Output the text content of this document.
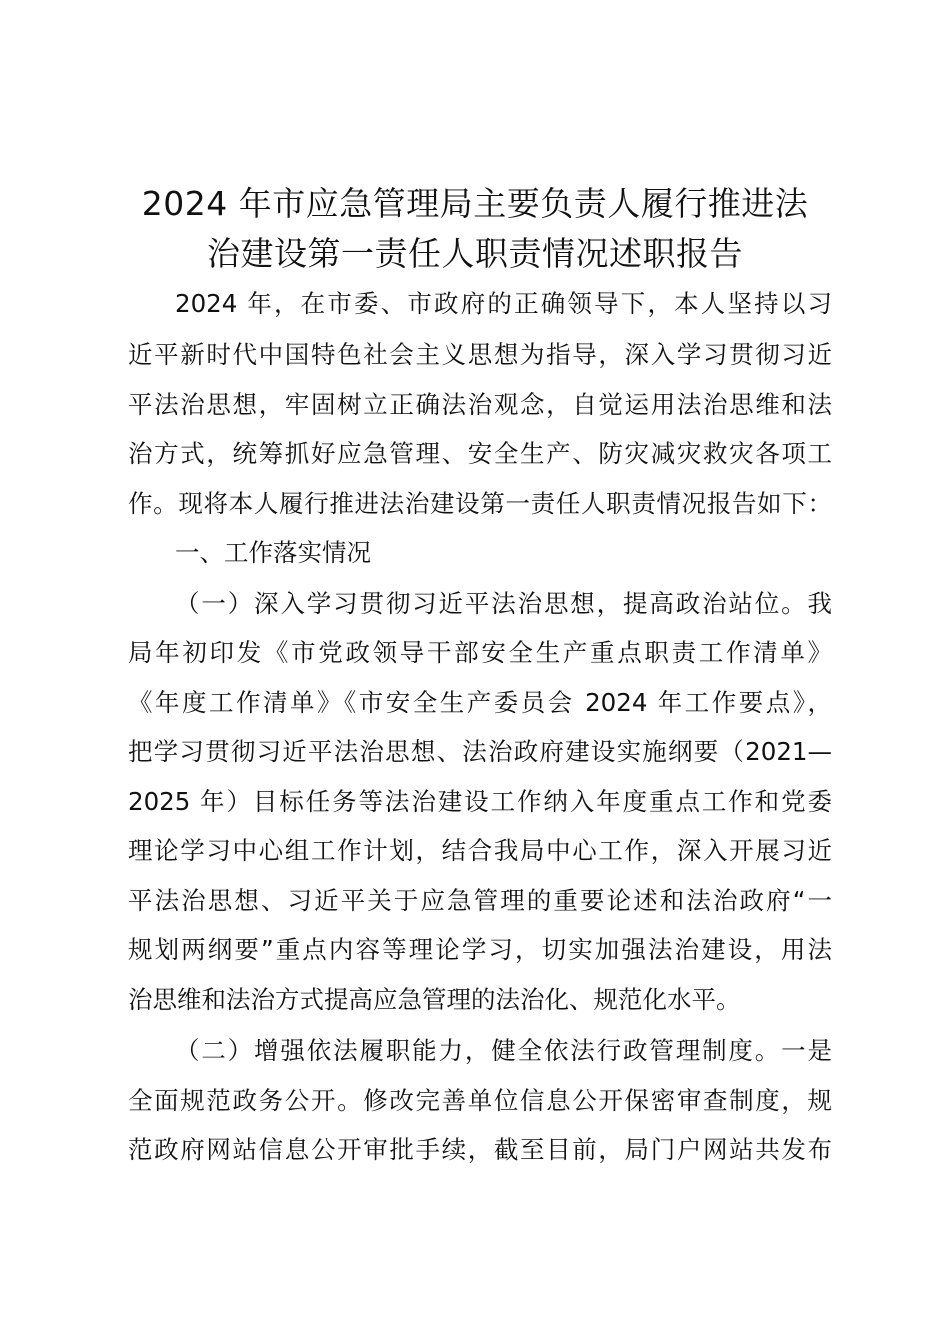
2024 年市应急管理局主要负责人履行推进法
治建设第一责任人职责情况述职报告
2024 年，在市委、市政府的正确领导下，本人坚持以习
近平新时代中国特色社会主义思想为指导，深入学习贯彻习近
平法治思想，牢固树立正确法治观念，自觉运用法治思维和法
治方式，统筹抓好应急管理、安全生产、防灾减灾救灾各项工
作。现将本人履行推进法治建设第一责任人职责情况报告如下：
一、工作落实情况
（一）深入学习贯彻习近平法治思想，提高政治站位。我
局年初印发《市党政领导干部安全生产重点职责工作清单》
《年度工作清单》《市安全生产委员会 2024 年工作要点》，
把学习贯彻习近平法治思想、法治政府建设实施纲要（2021—
2025 年）目标任务等法治建设工作纳入年度重点工作和党委
理论学习中心组工作计划，结合我局中心工作，深入开展习近
平法治思想、习近平关于应急管理的重要论述和法治政府“一
规划两纲要”重点内容等理论学习，切实加强法治建设，用法
治思维和法治方式提高应急管理的法治化、规范化水平。
（二）增强依法履职能力，健全依法行政管理制度。一是
全面规范政务公开。修改完善单位信息公开保密审查制度，规
范政府网站信息公开审批手续，截至目前，局门户网站共发布
